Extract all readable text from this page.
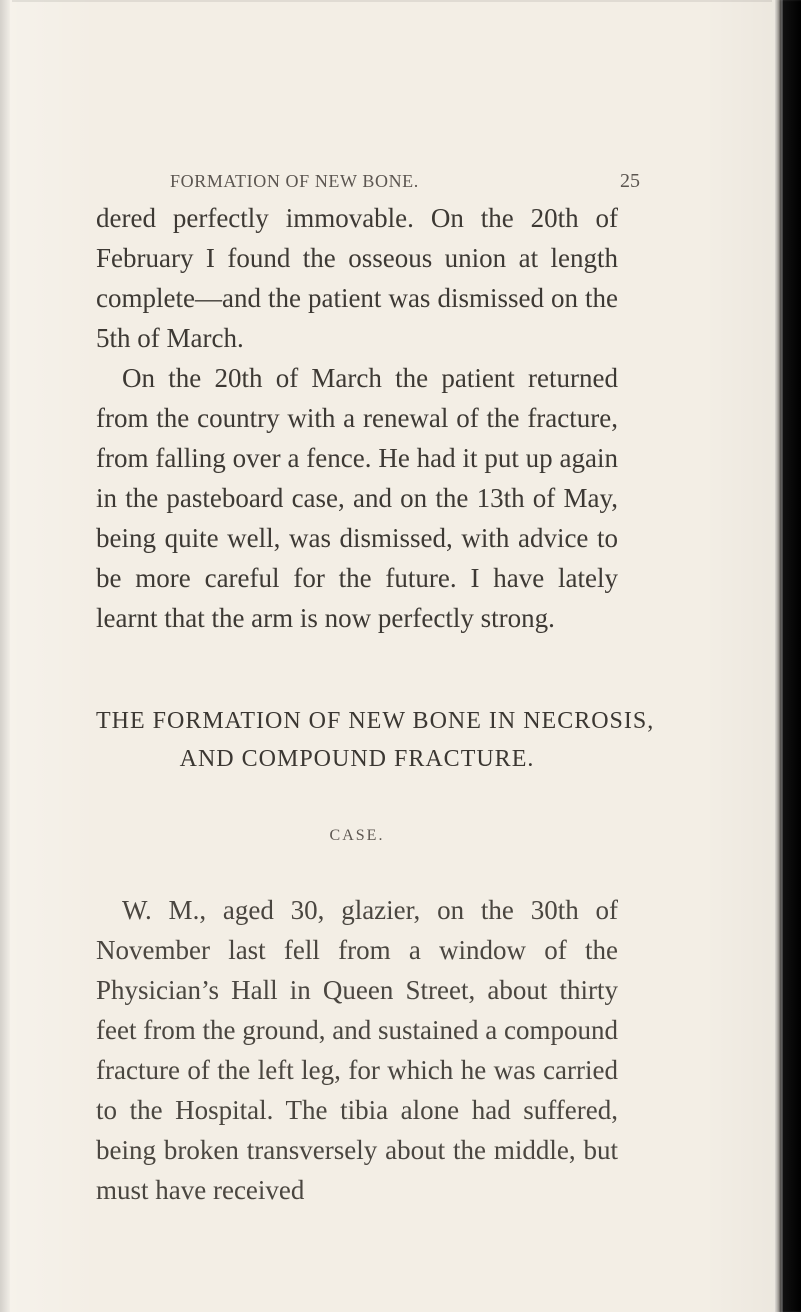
FORMATION OF NEW BONE.	25

dered perfectly immovable. On the 20th of February I found the osseous union at length complete—and the patient was dismissed on the 5th of March.

On the 20th of March the patient returned from the country with a renewal of the fracture, from falling over a fence. He had it put up again in the pasteboard case, and on the 13th of May, being quite well, was dismissed, with advice to be more careful for the future. I have lately learnt that the arm is now perfectly strong.

THE FORMATION OF NEW BONE IN NECROSIS,
AND COMPOUND FRACTURE.
CASE.

W. M., aged 30, glazier, on the 30th of November last fell from a window of the Physician’s Hall in Queen Street, about thirty feet from the ground, and sustained a compound fracture of the left leg, for which he was carried to the Hospital. The tibia alone had suffered, being broken transversely about the middle, but must have received
